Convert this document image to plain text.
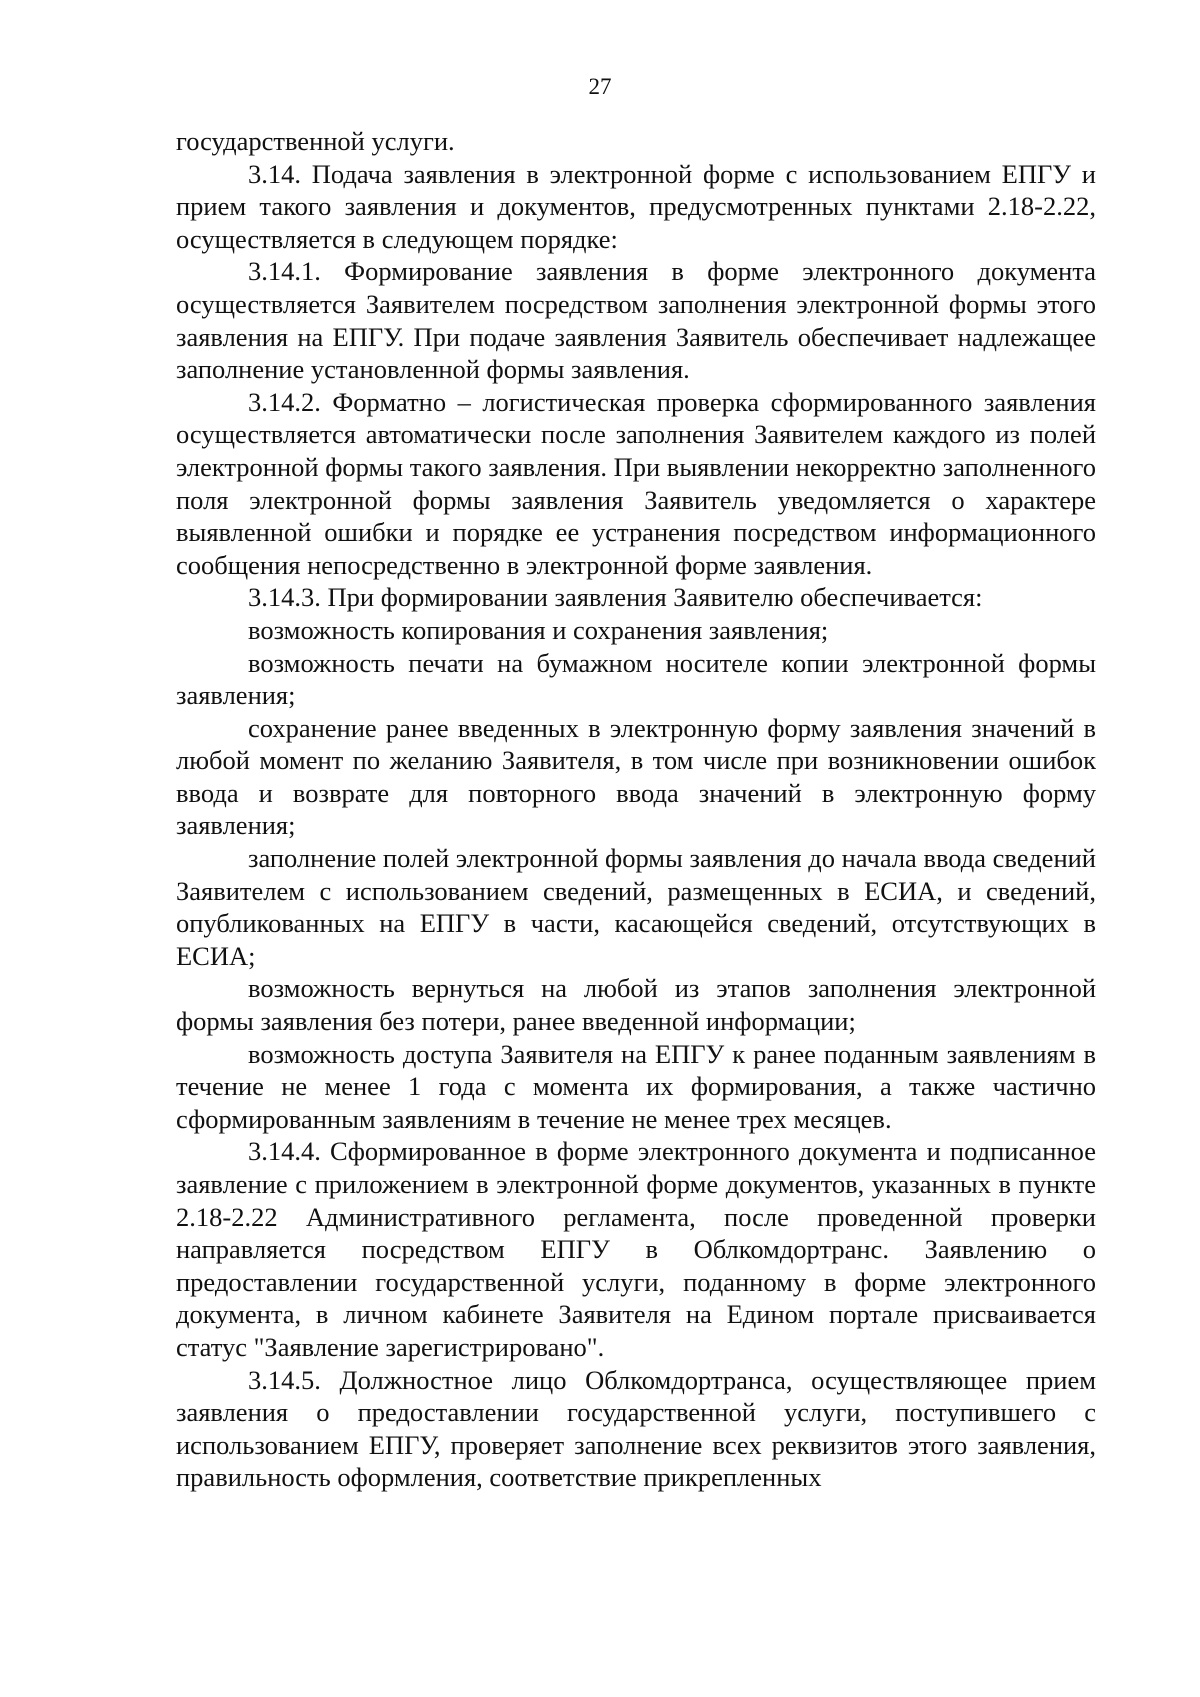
27

государственной услуги.

3.14. Подача заявления в электронной форме с использованием ЕПГУ и прием такого заявления и документов, предусмотренных пунктами 2.18-2.22, осуществляется в следующем порядке:

3.14.1. Формирование заявления в форме электронного документа осуществляется Заявителем посредством заполнения электронной формы этого заявления на ЕПГУ. При подаче заявления Заявитель обеспечивает надлежащее заполнение установленной формы заявления.

3.14.2. Форматно – логистическая проверка сформированного заявления осуществляется автоматически после заполнения Заявителем каждого из полей электронной формы такого заявления. При выявлении некорректно заполненного поля электронной формы заявления Заявитель уведомляется о характере выявленной ошибки и порядке ее устранения посредством информационного сообщения непосредственно в электронной форме заявления.

3.14.3. При формировании заявления Заявителю обеспечивается:

возможность копирования и сохранения заявления;

возможность печати на бумажном носителе копии электронной формы заявления;

сохранение ранее введенных в электронную форму заявления значений в любой момент по желанию Заявителя, в том числе при возникновении ошибок ввода и возврате для повторного ввода значений в электронную форму заявления;

заполнение полей электронной формы заявления до начала ввода сведений Заявителем с использованием сведений, размещенных в ЕСИА, и сведений, опубликованных на ЕПГУ в части, касающейся сведений, отсутствующих в ЕСИА;

возможность вернуться на любой из этапов заполнения электронной формы заявления без потери, ранее введенной информации;

возможность доступа Заявителя на ЕПГУ к ранее поданным заявлениям в течение не менее 1 года с момента их формирования, а также частично сформированным заявлениям в течение не менее трех месяцев.

3.14.4. Сформированное в форме электронного документа и подписанное заявление с приложением в электронной форме документов, указанных в пункте 2.18-2.22 Административного регламента, после проведенной проверки направляется посредством ЕПГУ в Облкомдортранс. Заявлению о предоставлении государственной услуги, поданному в форме электронного документа, в личном кабинете Заявителя на Едином портале присваивается статус "Заявление зарегистрировано".

3.14.5. Должностное лицо Облкомдортранса, осуществляющее прием заявления о предоставлении государственной услуги, поступившего с использованием ЕПГУ, проверяет заполнение всех реквизитов этого заявления, правильность оформления, соответствие прикрепленных
